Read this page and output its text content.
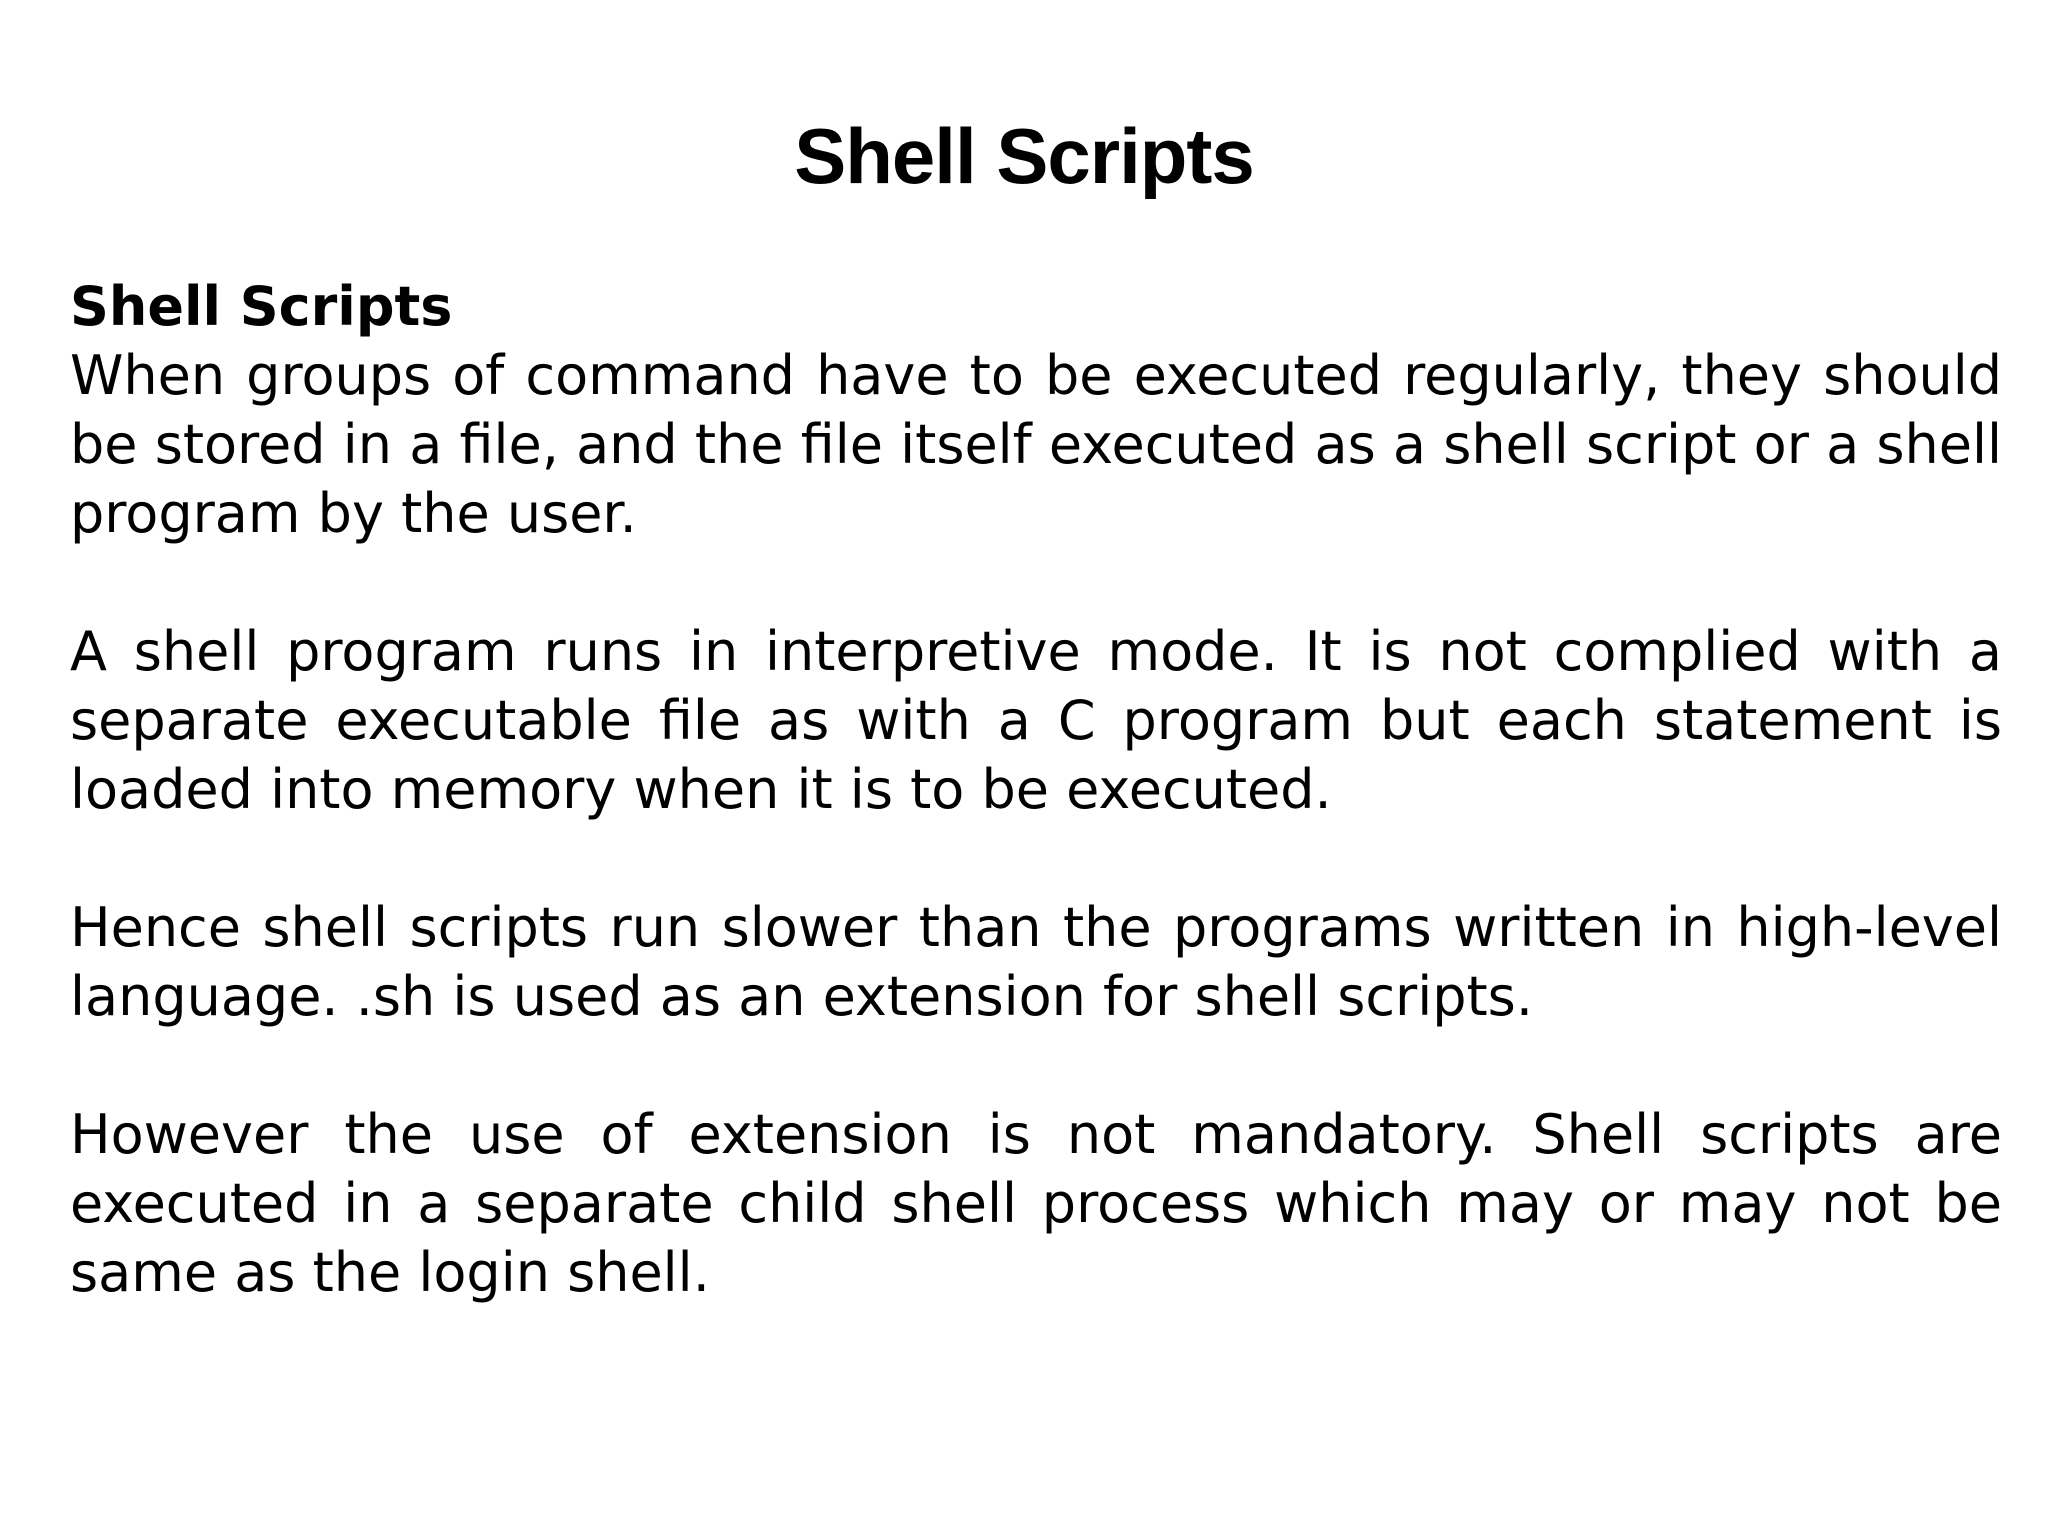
Shell Scripts

Shell Scripts

When groups of command have to be executed regularly, they should be stored in a file, and the file itself executed as a shell script or a shell program by the user.

A shell program runs in interpretive mode. It is not complied with a separate executable file as with a C program but each statement is loaded into memory when it is to be executed.

Hence shell scripts run slower than the programs written in high-level language. .sh is used as an extension for shell scripts.

However the use of extension is not mandatory. Shell scripts are executed in a separate child shell process which may or may not be same as the login shell.
